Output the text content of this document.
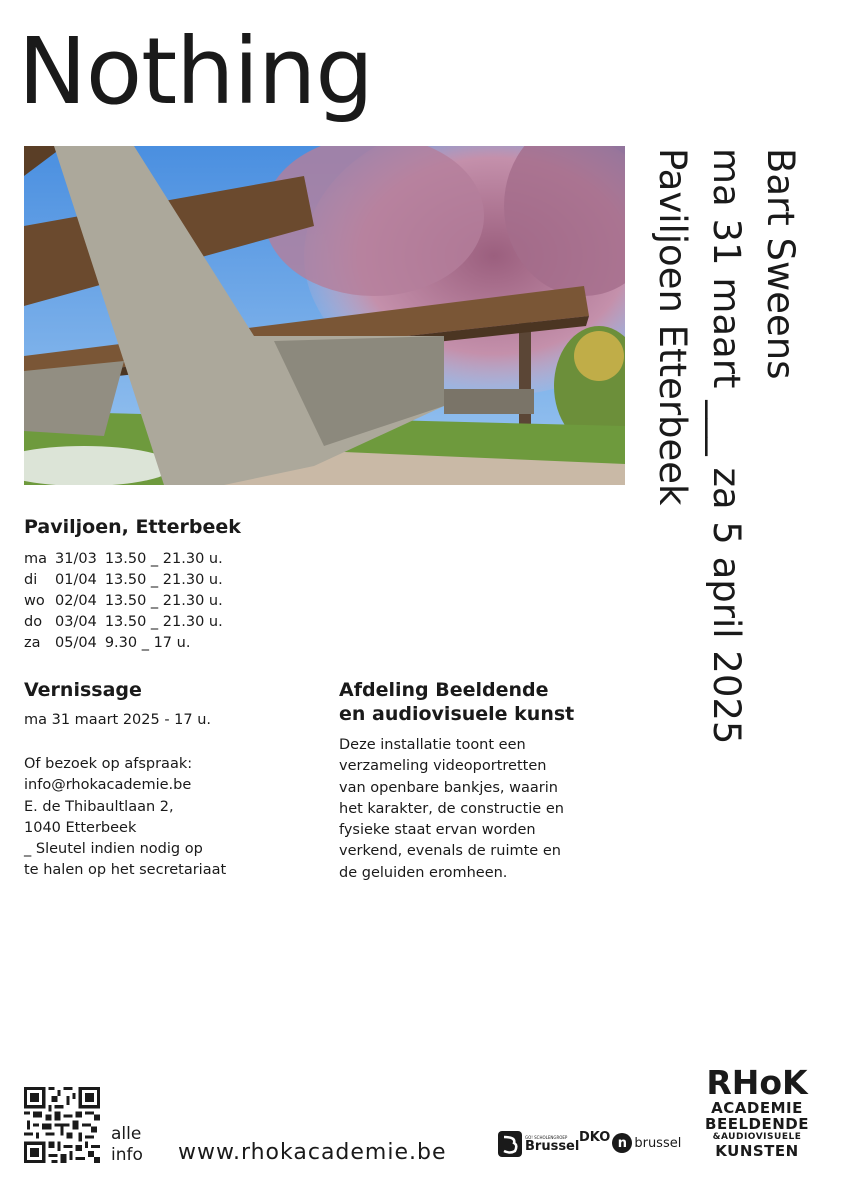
Nothing
Bart Sweens
ma 31 maart ___ za 5 april 2025
Paviljoen Etterbeek
Paviljoen, Etterbeek
ma	31/03	13.50 _ 21.30 u.
di	01/04	13.50 _ 21.30 u.
wo	02/04	13.50 _ 21.30 u.
do	03/04	13.50 _ 21.30 u.
za	05/04	9.30 _ 17 u.
Vernissage
ma 31 maart 2025 - 17 u.
Of bezoek op afspraak:
info@rhokacademie.be
E. de Thibaultlaan 2,
1040 Etterbeek
_ Sleutel indien nodig op
te halen op het secretariaat
Afdeling Beeldende
en audiovisuele kunst
Deze installatie toont een
verzameling videoportretten
van openbare bankjes, waarin
het karakter, de constructie en
fysieke staat ervan worden
verkend, evenals de ruimte en
de geluiden eromheen.
alle
info www.rhokacademie.be
GO! SCHOLENGROEP
Brussel
DKO n brussel
RHoK
ACADEMIE
BEELDENDE
&AUDIOVISUELE
KUNSTEN
